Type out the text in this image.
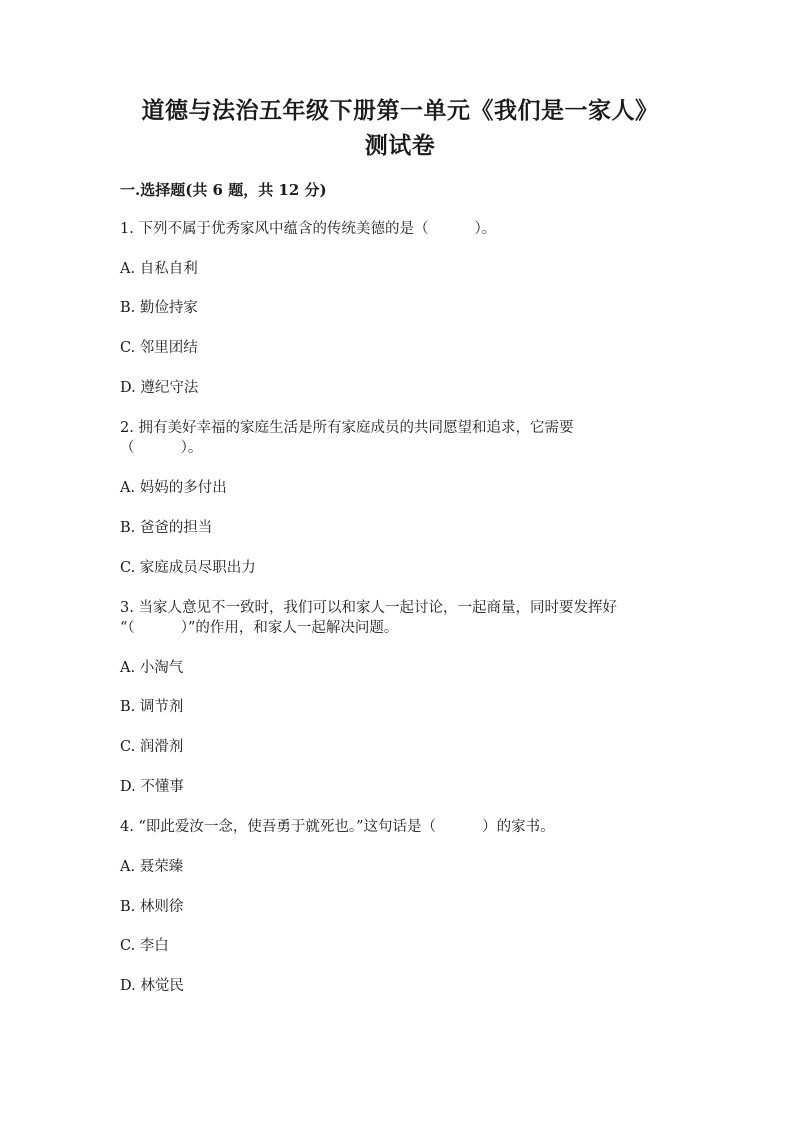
道德与法治五年级下册第一单元《我们是一家人》
测试卷
一.选择题(共 6 题，共 12 分)
1. 下列不属于优秀家风中蕴含的传统美德的是（          ）。
A. 自私自利
B. 勤俭持家
C. 邻里团结
D. 遵纪守法
2. 拥有美好幸福的家庭生活是所有家庭成员的共同愿望和追求，它需要
（          ）。
A. 妈妈的多付出
B. 爸爸的担当
C. 家庭成员尽职出力
3. 当家人意见不一致时，我们可以和家人一起讨论，一起商量，同时要发挥好
“（          ）”的作用，和家人一起解决问题。
A. 小淘气
B. 调节剂
C. 润滑剂
D. 不懂事
4. “即此爱汝一念，使吾勇于就死也。”这句话是（          ）的家书。
A. 聂荣臻
B. 林则徐
C. 李白
D. 林觉民
